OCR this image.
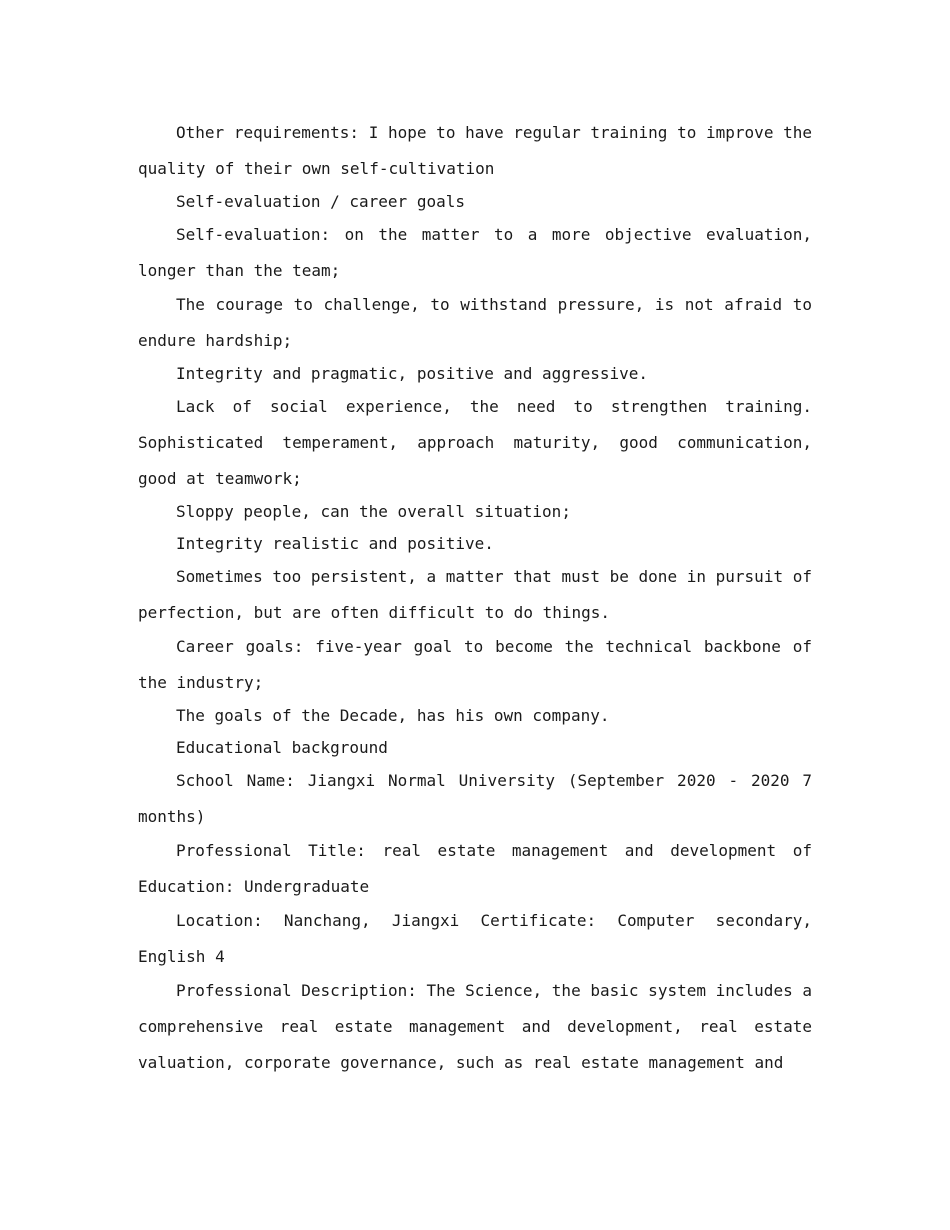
Other requirements: I hope to have regular training to improve the quality of their own self-cultivation

Self-evaluation / career goals

Self-evaluation: on the matter to a more objective evaluation, longer than the team;

The courage to challenge, to withstand pressure, is not afraid to endure hardship;

Integrity and pragmatic, positive and aggressive.

Lack of social experience, the need to strengthen training. Sophisticated temperament, approach maturity, good communication, good at teamwork;

Sloppy people, can the overall situation;

Integrity realistic and positive.

Sometimes too persistent, a matter that must be done in pursuit of perfection, but are often difficult to do things.

Career goals: five-year goal to become the technical backbone of the industry;

The goals of the Decade, has his own company.

Educational background

School Name: Jiangxi Normal University (September 2020 - 2020 7 months)

Professional Title: real estate management and development of Education: Undergraduate

Location: Nanchang, Jiangxi Certificate: Computer secondary, English 4

Professional Description: The Science, the basic system includes a comprehensive real estate management and development, real estate valuation, corporate governance, such as real estate management and
